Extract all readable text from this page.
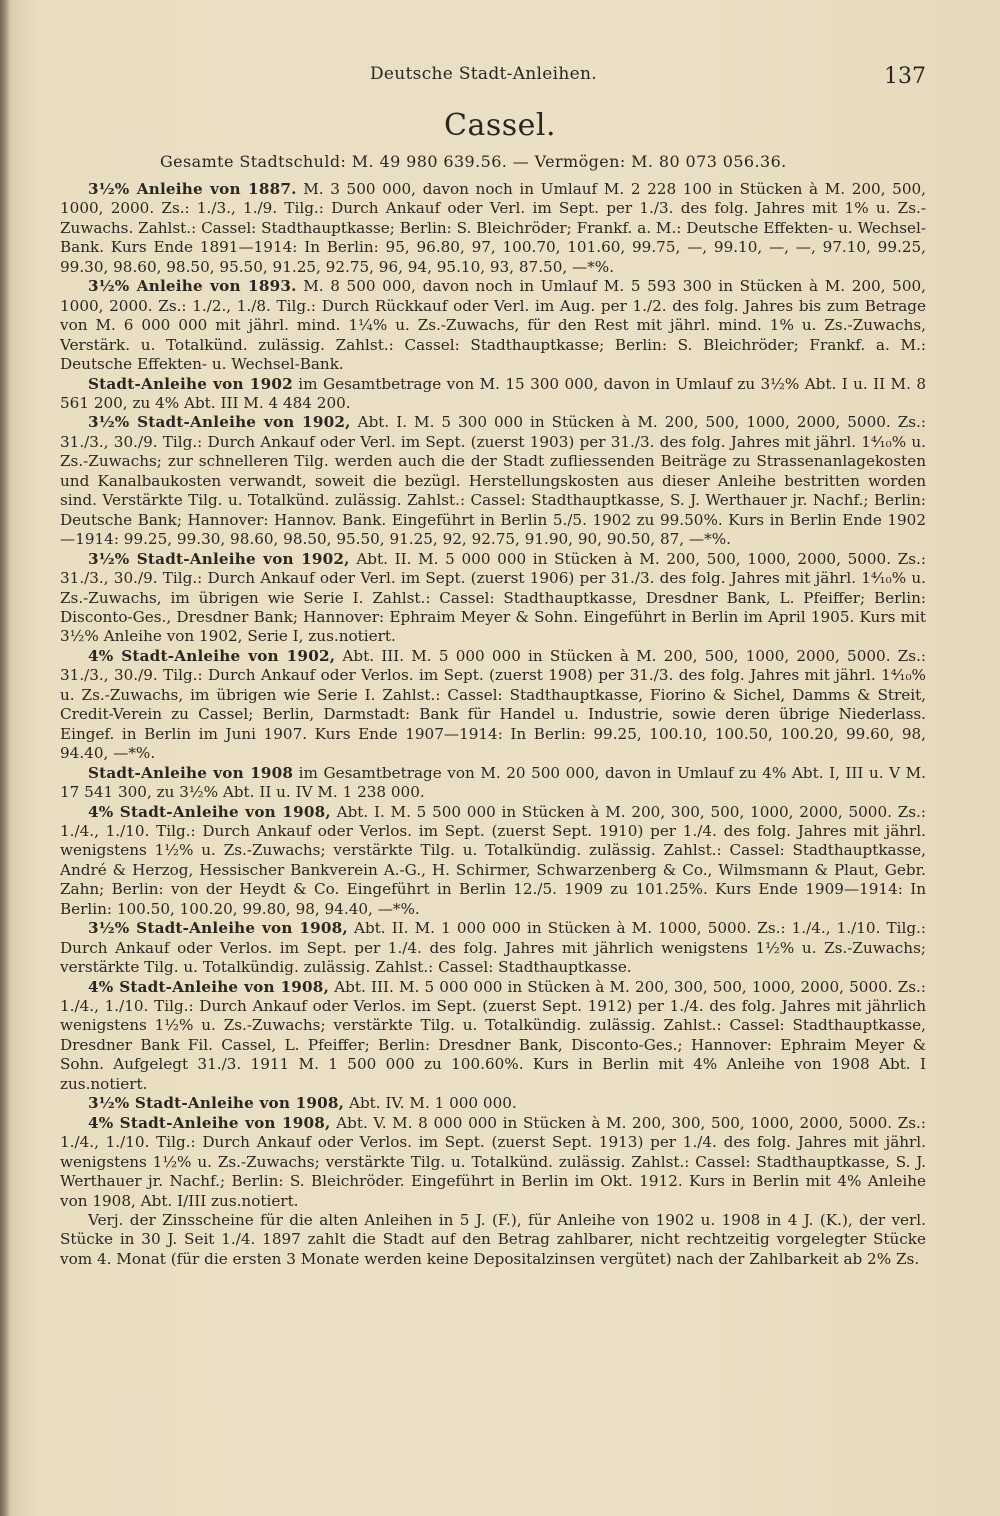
Deutsche Stadt-Anleihen.	137
Cassel.
Gesamte Stadtschuld: M. 49 980 639.56. — Vermögen: M. 80 073 056.36.

3½% Anleihe von 1887. M. 3 500 000, davon noch in Umlauf M. 2 228 100 in Stücken à M. 200, 500, 1000, 2000. Zs.: 1./3., 1./9. Tilg.: Durch Ankauf oder Verl. im Sept. per 1./3. des folg. Jahres mit 1% u. Zs.-Zuwachs. Zahlst.: Cassel: Stadthauptkasse; Berlin: S. Bleichröder; Frankf. a. M.: Deutsche Effekten- u. Wechsel-Bank. Kurs Ende 1891—1914: In Berlin: 95, 96.80, 97, 100.70, 101.60, 99.75, —, 99.10, —, —, 97.10, 99.25, 99.30, 98.60, 98.50, 95.50, 91.25, 92.75, 96, 94, 95.10, 93, 87.50, —*%.

3½% Anleihe von 1893. M. 8 500 000, davon noch in Umlauf M. 5 593 300 in Stücken à M. 200, 500, 1000, 2000. Zs.: 1./2., 1./8. Tilg.: Durch Rückkauf oder Verl. im Aug. per 1./2. des folg. Jahres bis zum Betrage von M. 6 000 000 mit jährl. mind. 1¼% u. Zs.-Zuwachs, für den Rest mit jährl. mind. 1% u. Zs.-Zuwachs, Verstärk. u. Totalkünd. zulässig. Zahlst.: Cassel: Stadthauptkasse; Berlin: S. Bleichröder; Frankf. a. M.: Deutsche Effekten- u. Wechsel-Bank.

Stadt-Anleihe von 1902 im Gesamtbetrage von M. 15 300 000, davon in Umlauf zu 3½% Abt. I u. II M. 8 561 200, zu 4% Abt. III M. 4 484 200.

3½% Stadt-Anleihe von 1902, Abt. I. M. 5 300 000 in Stücken à M. 200, 500, 1000, 2000, 5000. Zs.: 31./3., 30./9. Tilg.: Durch Ankauf oder Verl. im Sept. (zuerst 1903) per 31./3. des folg. Jahres mit jährl. 1⁴⁄₁₀% u. Zs.-Zuwachs; zur schnelleren Tilg. werden auch die der Stadt zufliessenden Beiträge zu Strassenanlagekosten und Kanalbaukosten verwandt, soweit die bezügl. Herstellungskosten aus dieser Anleihe bestritten worden sind. Verstärkte Tilg. u. Totalkünd. zulässig. Zahlst.: Cassel: Stadthauptkasse, S. J. Werthauer jr. Nachf.; Berlin: Deutsche Bank; Hannover: Hannov. Bank. Eingeführt in Berlin 5./5. 1902 zu 99.50%. Kurs in Berlin Ende 1902—1914: 99.25, 99.30, 98.60, 98.50, 95.50, 91.25, 92, 92.75, 91.90, 90, 90.50, 87, —*%.

3½% Stadt-Anleihe von 1902, Abt. II. M. 5 000 000 in Stücken à M. 200, 500, 1000, 2000, 5000. Zs.: 31./3., 30./9. Tilg.: Durch Ankauf oder Verl. im Sept. (zuerst 1906) per 31./3. des folg. Jahres mit jährl. 1⁴⁄₁₀% u. Zs.-Zuwachs, im übrigen wie Serie I. Zahlst.: Cassel: Stadthauptkasse, Dresdner Bank, L. Pfeiffer; Berlin: Disconto-Ges., Dresdner Bank; Hannover: Ephraim Meyer & Sohn. Eingeführt in Berlin im April 1905. Kurs mit 3½% Anleihe von 1902, Serie I, zus.notiert.

4% Stadt-Anleihe von 1902, Abt. III. M. 5 000 000 in Stücken à M. 200, 500, 1000, 2000, 5000. Zs.: 31./3., 30./9. Tilg.: Durch Ankauf oder Verlos. im Sept. (zuerst 1908) per 31./3. des folg. Jahres mit jährl. 1⁴⁄₁₀% u. Zs.-Zuwachs, im übrigen wie Serie I. Zahlst.: Cassel: Stadthauptkasse, Fiorino & Sichel, Damms & Streit, Credit-Verein zu Cassel; Berlin, Darmstadt: Bank für Handel u. Industrie, sowie deren übrige Niederlass. Eingef. in Berlin im Juni 1907. Kurs Ende 1907—1914: In Berlin: 99.25, 100.10, 100.50, 100.20, 99.60, 98, 94.40, —*%.

Stadt-Anleihe von 1908 im Gesamtbetrage von M. 20 500 000, davon in Umlauf zu 4% Abt. I, III u. V M. 17 541 300, zu 3½% Abt. II u. IV M. 1 238 000.

4% Stadt-Anleihe von 1908, Abt. I. M. 5 500 000 in Stücken à M. 200, 300, 500, 1000, 2000, 5000. Zs.: 1./4., 1./10. Tilg.: Durch Ankauf oder Verlos. im Sept. (zuerst Sept. 1910) per 1./4. des folg. Jahres mit jährl. wenigstens 1½% u. Zs.-Zuwachs; verstärkte Tilg. u. Totalkündig. zulässig. Zahlst.: Cassel: Stadthauptkasse, André & Herzog, Hessischer Bankverein A.-G., H. Schirmer, Schwarzenberg & Co., Wilmsmann & Plaut, Gebr. Zahn; Berlin: von der Heydt & Co. Eingeführt in Berlin 12./5. 1909 zu 101.25%. Kurs Ende 1909—1914: In Berlin: 100.50, 100.20, 99.80, 98, 94.40, —*%.

3½% Stadt-Anleihe von 1908, Abt. II. M. 1 000 000 in Stücken à M. 1000, 5000. Zs.: 1./4., 1./10. Tilg.: Durch Ankauf oder Verlos. im Sept. per 1./4. des folg. Jahres mit jährlich wenigstens 1½% u. Zs.-Zuwachs; verstärkte Tilg. u. Totalkündig. zulässig. Zahlst.: Cassel: Stadthauptkasse.

4% Stadt-Anleihe von 1908, Abt. III. M. 5 000 000 in Stücken à M. 200, 300, 500, 1000, 2000, 5000. Zs.: 1./4., 1./10. Tilg.: Durch Ankauf oder Verlos. im Sept. (zuerst Sept. 1912) per 1./4. des folg. Jahres mit jährlich wenigstens 1½% u. Zs.-Zuwachs; verstärkte Tilg. u. Totalkündig. zulässig. Zahlst.: Cassel: Stadthauptkasse, Dresdner Bank Fil. Cassel, L. Pfeiffer; Berlin: Dresdner Bank, Disconto-Ges.; Hannover: Ephraim Meyer & Sohn. Aufgelegt 31./3. 1911 M. 1 500 000 zu 100.60%. Kurs in Berlin mit 4% Anleihe von 1908 Abt. I zus.notiert.

3½% Stadt-Anleihe von 1908, Abt. IV. M. 1 000 000.

4% Stadt-Anleihe von 1908, Abt. V. M. 8 000 000 in Stücken à M. 200, 300, 500, 1000, 2000, 5000. Zs.: 1./4., 1./10. Tilg.: Durch Ankauf oder Verlos. im Sept. (zuerst Sept. 1913) per 1./4. des folg. Jahres mit jährl. wenigstens 1½% u. Zs.-Zuwachs; verstärkte Tilg. u. Totalkünd. zulässig. Zahlst.: Cassel: Stadthauptkasse, S. J. Werthauer jr. Nachf.; Berlin: S. Bleichröder. Eingeführt in Berlin im Okt. 1912. Kurs in Berlin mit 4% Anleihe von 1908, Abt. I/III zus.notiert.

Verj. der Zinsscheine für die alten Anleihen in 5 J. (F.), für Anleihe von 1902 u. 1908 in 4 J. (K.), der verl. Stücke in 30 J. Seit 1./4. 1897 zahlt die Stadt auf den Betrag zahlbarer, nicht rechtzeitig vorgelegter Stücke vom 4. Monat (für die ersten 3 Monate werden keine Depositalzinsen vergütet) nach der Zahlbarkeit ab 2% Zs.
